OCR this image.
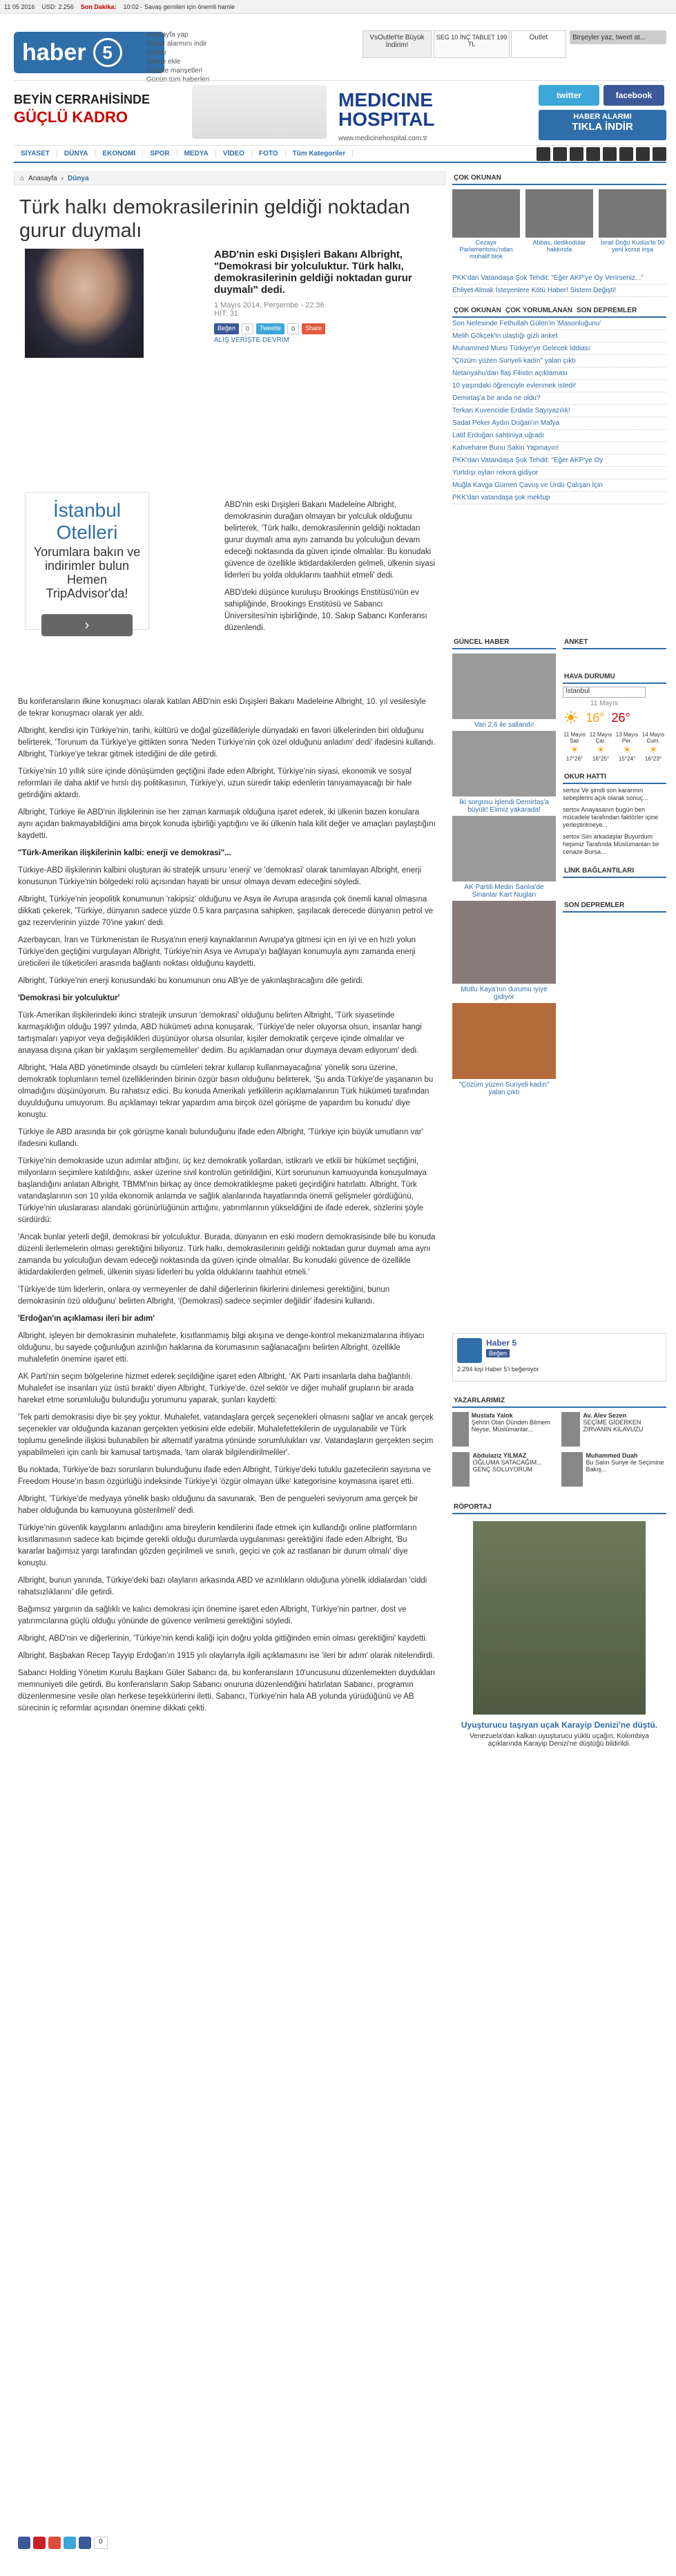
11 05 2016 USD: 2.256 Son Dakika: 10:02 - Savaş gemileri için önemli hamle
haber 5
Anasayfa yap
Haber alarmını indir
Linkler
Sitene ekle
Gazete manşetleri
Günün tüm haberleri
VsOutlet'te Büyük İndirim!
SEG 10 İNÇ TABLET 199 TL
Outlet	Birşeyler yaz, tweet at...
BEYİN CERRAHİSİNDE
GÜÇLÜ KADRO
MEDICINE HOSPITAL
www.medicinehospital.com.tr
twitter	facebook
HABER ALARMI
TIKLA İNDİR
SİYASET	DÜNYA	EKONOMİ	SPOR	MEDYA	VİDEO	FOTO	Tüm Kategoriler
⌂ Anasayfa › Dünya
Türk halkı demokrasilerinin geldiği noktadan gurur duymalı
ABD'nin eski Dışişleri Bakanı Albright, "Demokrasi bir yolculuktur. Türk halkı, demokrasilerinin geldiği noktadan gurur duymalı" dedi.
1 Mayıs 2014, Perşembe - 22:36
HIT: 31
Beğen	0	Tweetle	0	Share
ALIŞ VERİŞTE DEVRİM

ABD'nin eski Dışişleri Bakanı Madeleine Albright, demokrasinin durağan olmayan bir yolculuk olduğunu belirterek, 'Türk halkı, demokrasilerinin geldiği noktadan gurur duymalı ama aynı zamanda bu yolculuğun devam edeceği noktasında da güven içinde olmalılar. Bu konudaki güvence de özellikle iktidardakilerden gelmeli, ülkenin siyasi liderleri bu yolda olduklarını taahhüt etmeli' dedi.

ABD'deki düşünce kuruluşu Brookings Enstitüsü'nün ev sahipliğinde, Brookings Enstitüsü ve Sabancı Üniversitesi'nin işbirliğinde, 10. Sakıp Sabancı Konferansı düzenlendi.

İstanbul Otelleri
Yorumlara bakın ve indirimler bulun Hemen TripAdvisor'da!
›

Bu konferansların ilkine konuşmacı olarak katılan ABD'nin eski Dışişleri Bakanı Madeleine Albright, 10. yıl vesilesiyle de tekrar konuşmacı olarak yer aldı.

Albright, kendisi için Türkiye'nin, tarihi, kültürü ve doğal güzellikleriyle dünyadaki en favori ülkelerinden biri olduğunu belirterek, 'Torunum da Türkiye'ye gittikten sonra 'Neden Türkiye'nin çok özel olduğunu anladım' dedi' ifadesini kullandı. Albright, Türkiye'ye tekrar gitmek istediğini de dile getirdi.

Türkiye'nin 10 yıllık süre içinde dönüşümden geçtiğini ifade eden Albright, Türkiye'nin siyasi, ekonomik ve sosyal reformları ile daha aktif ve hırslı dış politikasının, Türkiye'yi, uzun süredir takip edenlerin tanıyamayacağı bir hale getirdiğini aktardı.

Albright, Türkiye ile ABD'nin ilişkilerinin ise her zaman karmaşık olduğuna işaret ederek, iki ülkenin bazen konulara aynı açıdan bakmayabildiğini ama birçok konuda işbirliği yaptığını ve iki ülkenin hala kilit değer ve amaçları paylaştığını kaydetti.

"Türk-Amerikan ilişkilerinin kalbi: enerji ve demokrasi"...

Türkiye-ABD ilişkilerinin kalbini oluşturan iki stratejik unsuru 'enerji' ve 'demokrasi' olarak tanımlayan Albright, enerji konusunun Türkiye'nin bölgedeki rolü açısından hayati bir unsur olmaya devam edeceğini söyledi.

Albright, Türkiye'nin jeopolitik konumunun 'rakipsiz' olduğunu ve Asya ile Avrupa arasında çok önemli kanal olmasına dikkati çekerek, 'Türkiye, dünyanın sadece yüzde 0.5 kara parçasına sahipken, şaşılacak derecede dünyanın petrol ve gaz rezervlerinin yüzde 70'ine yakın' dedi.

Azerbaycan, İran ve Türkmenistan ile Rusya'nın enerji kaynaklarının Avrupa'ya gitmesi için en iyi ve en hızlı yolun Türkiye'den geçtiğini vurgulayan Albright, Türkiye'nin Asya ve Avrupa'yı bağlayan konumuyla aynı zamanda enerji üreticileri ile tüketicileri arasında bağlantı noktası olduğunu kaydetti.

Albright, Türkiye'nin enerji konusundaki bu konumunun onu AB'ye de yakınlaştıracağını dile getirdi.

'Demokrasi bir yolculuktur'

Türk-Amerikan ilişkilerindeki ikinci stratejik unsurun 'demokrasi' olduğunu belirten Albright, 'Türk siyasetinde karmaşıklığın olduğu 1997 yılında, ABD hükümeti adına konuşarak, 'Türkiye'de neler oluyorsa olsun, insanlar hangi tartışmaları yapıyor veya değişiklikleri düşünüyor olursa olsunlar, kişiler demokratik çerçeve içinde olmalılar ve anayasa dışına çıkan bir yaklaşım sergilememeliler' dedim. Bu açıklamadan onur duymaya devam ediyorum' dedi.

Albright, 'Hala ABD yönetiminde olsaydı bu cümleleri tekrar kullanıp kullanmayacağına' yönelik soru üzerine, demokratik toplumların temel özelliklerinden birinin özgür basın olduğunu belirterek, 'Şu anda Türkiye'de yaşananın bu olmadığını düşünüyorum. Bu rahatsız edici. Bu konuda Amerikalı yetkililerin açıklamalarının Türk hükümeti tarafından duyulduğunu umuyorum. Bu açıklamayı tekrar yapardım ama birçok özel görüşme de yapardım bu konudu' diye konuştu.

Türkiye ile ABD arasında bir çok görüşme kanalı bulunduğunu ifade eden Albright, 'Türkiye için büyük umutların var' ifadesini kullandı.

Türkiye'nin demokraside uzun adımlar attığını, üç kez demokratik yollardan, istikrarlı ve etkili bir hükümet seçtiğini, milyonların seçimlere katıldığını, asker üzerine sivil kontrolün getirildiğini, Kürt sorununun kamuoyunda konuşulmaya başlandığını anlatan Albright, TBMM'nin birkaç ay önce demokratikleşme paketi geçirdiğini hatırlattı. Albright, Türk vatandaşlarının son 10 yılda ekonomik anlamda ve sağlık alanlarında hayatlarında önemli gelişmeler gördüğünü, Türkiye'nin uluslararası alandaki görünürlüğünün arttığını, yatırımlarının yükseldiğini de ifade ederek, sözlerini şöyle sürdürdü:

'Ancak bunlar yeterli değil, demokrasi bir yolculuktur. Burada, dünyanın en eski modern demokrasisinde bile bu konuda düzenli ilerlemelerin olması gerektiğini biliyoruz. Türk halkı, demokrasilerinin geldiği noktadan gurur duymalı ama aynı zamanda bu yolculuğun devam edeceği noktasında da güven içinde olmalılar. Bu konudaki güvence de özellikle iktidardakilerden gelmeli, ülkenin siyasi liderleri bu yolda olduklarını taahhüt etmeli.'

'Türkiye'de tüm liderlerin, onlara oy vermeyenler de dahil diğerlerinin fikirlerini dinlemesi gerektiğini, bunun demokrasinin özü olduğunu' belirten Albright, '(Demokrasi) sadece seçimler değildir' ifadesini kullandı.

'Erdoğan'ın açıklaması ileri bir adım'

Albright, işleyen bir demokrasinin muhalefete, kısıtlanmamış bilgi akışına ve denge-kontrol mekanizmalarına ihtiyacı olduğunu, bu sayede çoğunluğun azınlığın haklarına da korumasının sağlanacağını belirten Albright, özellikle muhalefetin önemine işaret etti.

AK Parti'nin seçim bölgelerine hizmet ederek seçildiğine işaret eden Albright, 'AK Parti insanlarla daha bağlantılı. Muhalefet ise insanları yüz üstü bıraktı' diyen Albright, Türkiye'de, özel sektör ve diğer muhalif grupların bir arada hareket etme sorumluluğu bulunduğu yorumunu yaparak, şunları kaydetti:

'Tek parti demokrasisi diye bir şey yoktur. Muhalefet, vatandaşlara gerçek seçenekleri olmasını sağlar ve ancak gerçek seçenekler var olduğunda kazanan gerçekten yetkisini elde edebilir. Muhalefettekilerin de uygulanabilir ve Türk toplumu genelinde ilişkisi bulunabilen bir alternatif yaratma yönünde sorumlulukları var. Vatandaşların gerçekten seçim yapabilmeleri için canlı bir kamusal tartışmada, 'tam olarak bilgilendirilmeliler'.

Bu noktada, Türkiye'de bazı sorunların bulunduğunu ifade eden Albright, Türkiye'deki tutuklu gazetecilerin sayısına ve Freedom House'ın basın özgürlüğü indeksinde Türkiye'yi 'özgür olmayan ülke' kategorisine koymasına işaret etti.

Albright, 'Türkiye'de medyaya yönelik baskı olduğunu da savunarak, 'Ben de pengueleri seviyorum ama gerçek bir haber olduğunda bu kamuoyuna gösterilmeli' dedi.

Türkiye'nin güvenlik kaygılarını anladığını ama bireylerin kendilerini ifade etmek için kullandığı online platformların kısıtlanmasının sadece katı biçimde gerekli olduğu durumlarda uygulanması gerektiğini ifade eden Albright, 'Bu kararlar bağımsız yargı tarafından gözden geçirilmeli ve sınırlı, geçici ve çok az rastlanan bir durum olmalı' diye konuştu.

Albright, bunun yanında, Türkiye'deki bazı olayların arkasında ABD ve azınlıkların olduğuna yönelik iddialardan 'ciddi rahatsızlıklarını' dile getirdi.

Bağımsız yargının da sağlıklı ve kalıcı demokrasi için önemine işaret eden Albright, Türkiye'nin partner, dost ve yatırımcılarına güçlü olduğu yönünde de güvence verilmesi gerektiğini söyledi.

Albright, ABD'nin ve diğerlerinin, 'Türkiye'nin kendi kaliği için doğru yolda gittiğinden emin olması gerektiğini' kaydetti.

Albright, Başbakan Recep Tayyip Erdoğan'ın 1915 yılı olaylarıyla ilgili açıklamasını ise 'ileri bir adım' olarak nitelendirdi.

Sabancı Holding Yönetim Kurulu Başkanı Güler Sabancı da, bu konferansların 10'uncusunu düzenlemekten duydukları memnuniyeti dile getirdi. Bu konferansların Sakıp Sabancı onuruna düzenlendiğini hatırlatan Sabancı, programın düzenlenmesine vesile olan herkese teşekkürlerini iletti. Sabancı, Türkiye'nin hala AB yolunda yürüdüğünü ve AB sürecinin iç reformlar açısından önemine dikkati çekti.

0
ÇOK OKUNAN

Cezayir Parlamentosu'ndan muhalif blok

Abbas, dedikodular hakkında

İsrail Doğu Kudüs'te 90 yeni konut inşa

PKK'dan Vatandaşa Şok Tehdit: "Eğer AKP'ye Oy Verirseniz..."
Ehliyet Almak İsteyenlere Kötü Haber! Sistem Değişti!
ÇOK OKUNAN ÇOK YORUMLANAN SON DEPREMLER
Son Nefesinde Fethullah Gülen'in 'Masonluğunu'
Melih Gökçek'in ulaştığı gizli anket
Muhammed Mursi Türkiye'ye Gelecek İddiası
"Çözüm yüzen Suriyeli kadın" yalan çıktı
Netanyahu'dan flaş Filistin açıklaması
10 yaşındaki öğrenciyle evlenmek istedi!
Demirtaş'a bir anda ne oldu?
Terkan Kuvencidie Erdada Sayıyazılık!
Sadat Peker Aydın Doğan'ın Mafya
Latif Erdoğan sahtiniya uğradı
Kahvehane Bunu Sakin Yapmayın!
PKK'dan Vatandaşa Şok Tehdit: "Eğer AKP'ye Oy
Yurtdışı oyları rekora gidiyor
Muğla Kavga Gümen Çavuş ve Ürdü Çalışan İçin
PKK'dan vatandaşa şok mektup
GÜNCEL HABER
Van 2,6 ile sallandı!
İki sorgusu işlendi Demirtaş'a büyük! Elimiz yakarada!
AK Partili Medin Sanlıa'de Sinanlar Kart Nugları
Mutlu Kaya'nın durumu iyiye gidiyor
"Çözüm yüzen Suriyeli kadın" yalan çıktı
ANKET
HAVA DURUMU
İstanbul
11 Mayıs
☀ 16° 26°
11 Mayıs Salı
☀
17°26°
12 Mayıs Çar.
☀
16°25°
13 Mayıs Per.
☀
15°24°
14 Mayıs Cum.
☀
16°23°
OKUR HATTI

sertox Ve şimdi son kararının sebeplerini açık olarak sonuç...

sertox Anayasanın bugün ben mücadele tarafından faktörler içine yerleştirilmeye...

sertox Siin arkadaşlar Buyurdum hepimiz Tarafında Müslümanları bir cenaze Bursa...

LİNK BAĞLANTILARI
SON DEPREMLER
Haber 5
Beğen
2.294 kişi Haber 5'i beğeniyor.
YAZARLARIMIZ
Mustafa Yalok
Şehrin Olan Dünden Bilmem Neyse, Müslümanlar...
Av. Alev Sezen
SEÇİME GİDERKEN ZIRVANIN KILAVUZU
Abdulaziz YILMAZ
OĞLUMA SATACAĞIM... GENÇ SOLUYORUM
Muhammed Duah
Bu Salın Suriye ile Seçimine Bakış...
RÖPORTAJ
Uyuşturucu taşıyan uçak Karayip Denizi'ne düştü.
Venezuela'dan kalkan uyuşturucu yüklü uçağın, Kolombiya açıklarında Karayip Denizi'ne düştüğü bildirildi.
